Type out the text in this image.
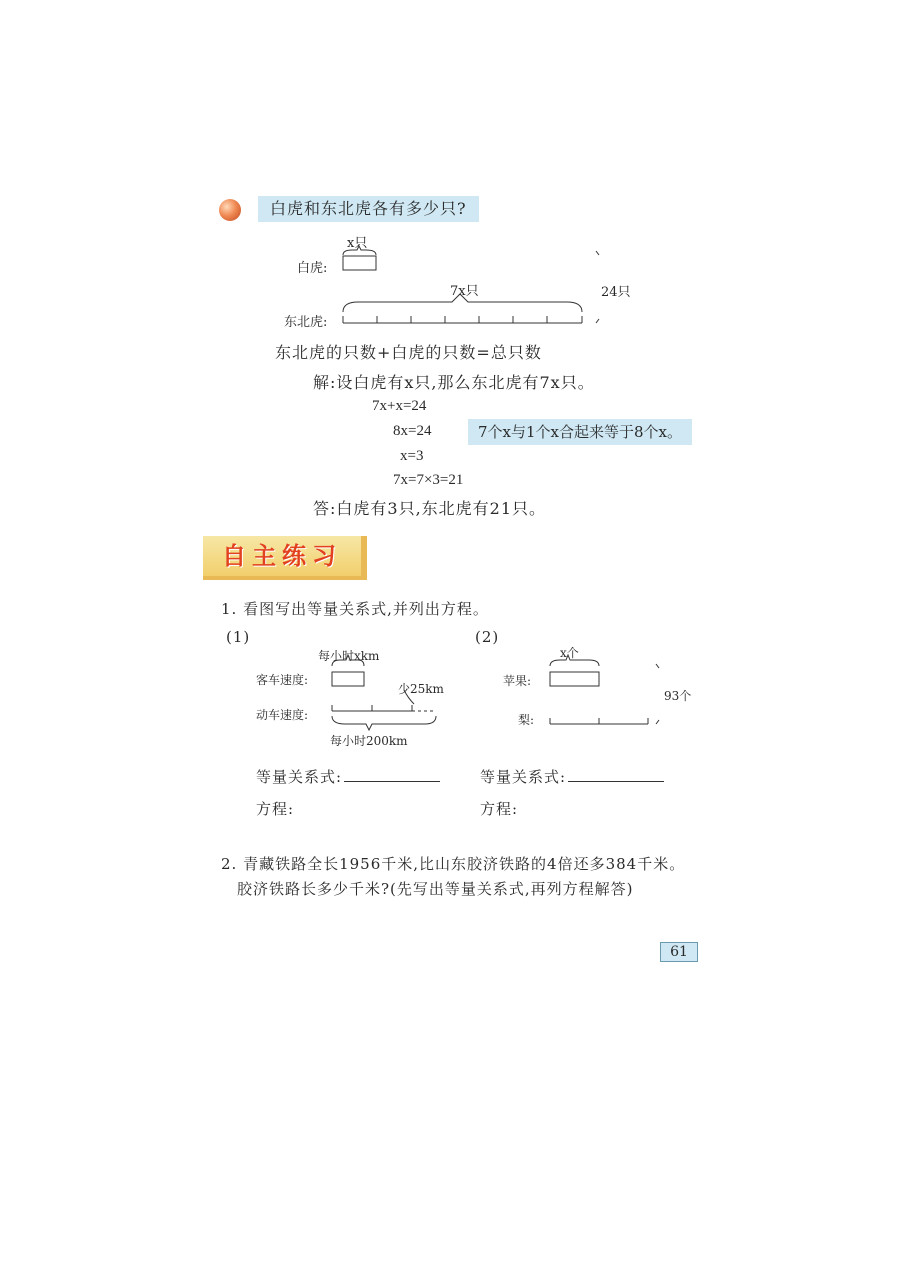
白虎和东北虎各有多少只?
x只
白虎:
7x只
东北虎:
24只
东北虎的只数+白虎的只数=总只数
解:设白虎有x只,那么东北虎有7x只。
7x+x=24
8x=24	7个x与1个x合起来等于8个x。
x=3
7x=7×3=21
答:白虎有3只,东北虎有21只。
自主练习
1. 看图写出等量关系式,并列出方程。
(1)	(2)
每小时xkm
客车速度:
少25km
动车速度:
每小时200km
x个
苹果:
93个
梨:
等量关系式:	等量关系式:
方程:	方程:
2. 青藏铁路全长1956千米,比山东胶济铁路的4倍还多384千米。
胶济铁路长多少千米?(先写出等量关系式,再列方程解答)
61
